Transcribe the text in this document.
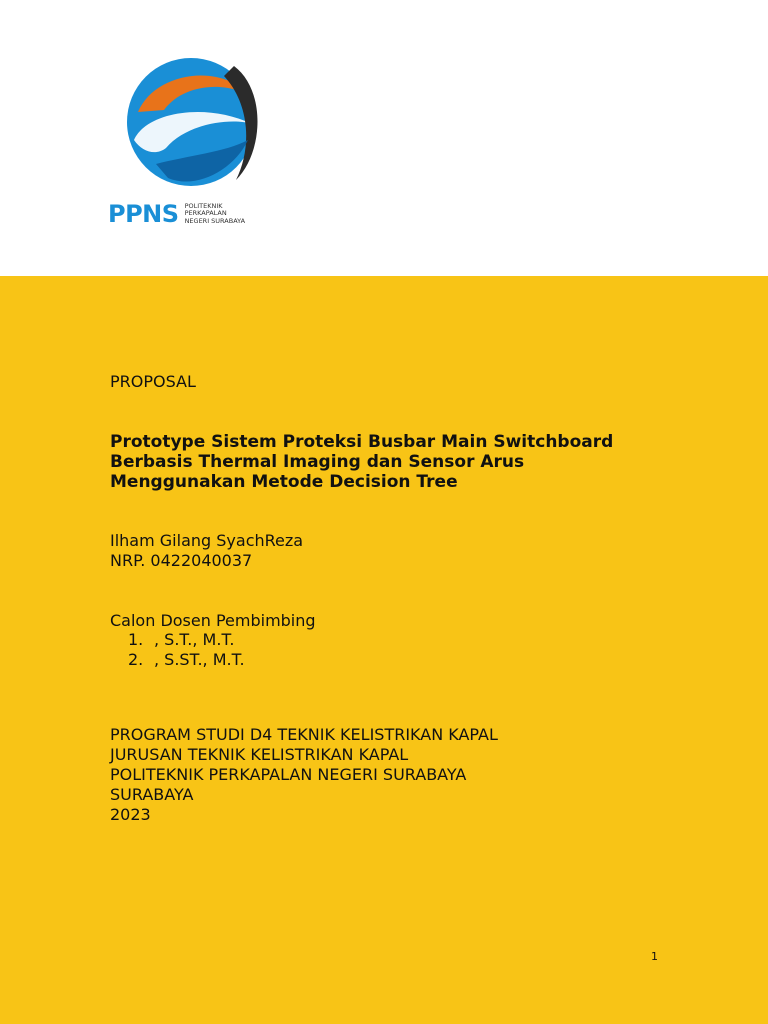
PPNS POLITEKNIK
PERKAPALAN
NEGERI SURABAYA

PROPOSAL

Prototype Sistem Proteksi Busbar Main Switchboard
Berbasis Thermal Imaging dan Sensor Arus
Menggunakan Metode Decision Tree

Ilham Gilang SyachReza

NRP. 0422040037

Calon Dosen Pembimbing

1. , S.T., M.T.
2. , S.ST., M.T.
PROGRAM STUDI D4 TEKNIK KELISTRIKAN KAPAL
JURUSAN TEKNIK KELISTRIKAN KAPAL
POLITEKNIK PERKAPALAN NEGERI SURABAYA
SURABAYA
2023
1
